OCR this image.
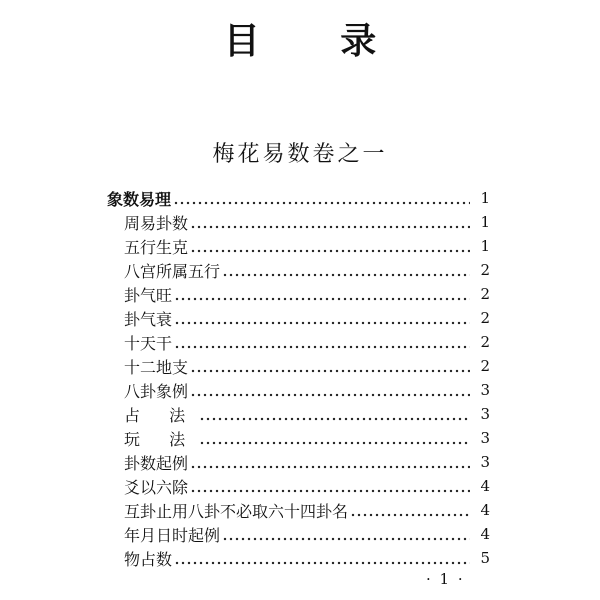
目 录
梅花易数卷之一
象数易理	1
周易卦数	1
五行生克	1
八宫所属五行	2
卦气旺	2
卦气衰	2
十天干	2
十二地支	2
八卦象例	3
占 法	3
玩 法	3
卦数起例	3
爻以六除	4
互卦止用八卦不必取六十四卦名	4
年月日时起例	4
物占数	5
· 1 ·
